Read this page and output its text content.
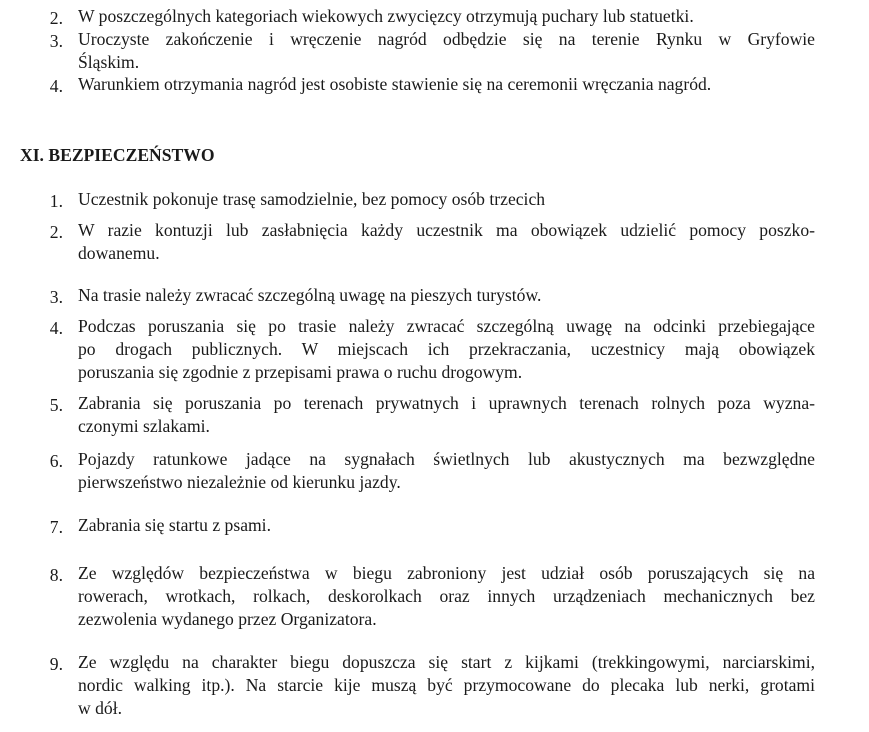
XI. BEZPIECZEŃSTWO
2. W poszczególnych kategoriach wiekowych zwycięzcy otrzymują puchary lub statuetki.
3. Uroczyste zakończenie i wręczenie nagród odbędzie się na terenie Rynku w Gryfowie
Śląskim.
4. Warunkiem otrzymania nagród jest osobiste stawienie się na ceremonii wręczania nagród.
1. Uczestnik pokonuje trasę samodzielnie, bez pomocy osób trzecich
2. W razie kontuzji lub zasłabnięcia każdy uczestnik ma obowiązek udzielić pomocy poszko-
dowanemu.
3. Na trasie należy zwracać szczególną uwagę na pieszych turystów.
4. Podczas poruszania się po trasie należy zwracać szczególną uwagę na odcinki przebiegające
po drogach publicznych. W miejscach ich przekraczania, uczestnicy mają obowiązek
poruszania się zgodnie z przepisami prawa o ruchu drogowym.
5. Zabrania się poruszania po terenach prywatnych i uprawnych terenach rolnych poza wyzna-
czonymi szlakami.
6. Pojazdy ratunkowe jadące na sygnałach świetlnych lub akustycznych ma bezwzględne
pierwszeństwo niezależnie od kierunku jazdy.
7. Zabrania się startu z psami.
8. Ze względów bezpieczeństwa w biegu zabroniony jest udział osób poruszających się na
rowerach, wrotkach, rolkach, deskorolkach oraz innych urządzeniach mechanicznych bez
zezwolenia wydanego przez Organizatora.
9. Ze względu na charakter biegu dopuszcza się start z kijkami (trekkingowymi, narciarskimi,
nordic walking itp.). Na starcie kije muszą być przymocowane do plecaka lub nerki, grotami
w dół.
